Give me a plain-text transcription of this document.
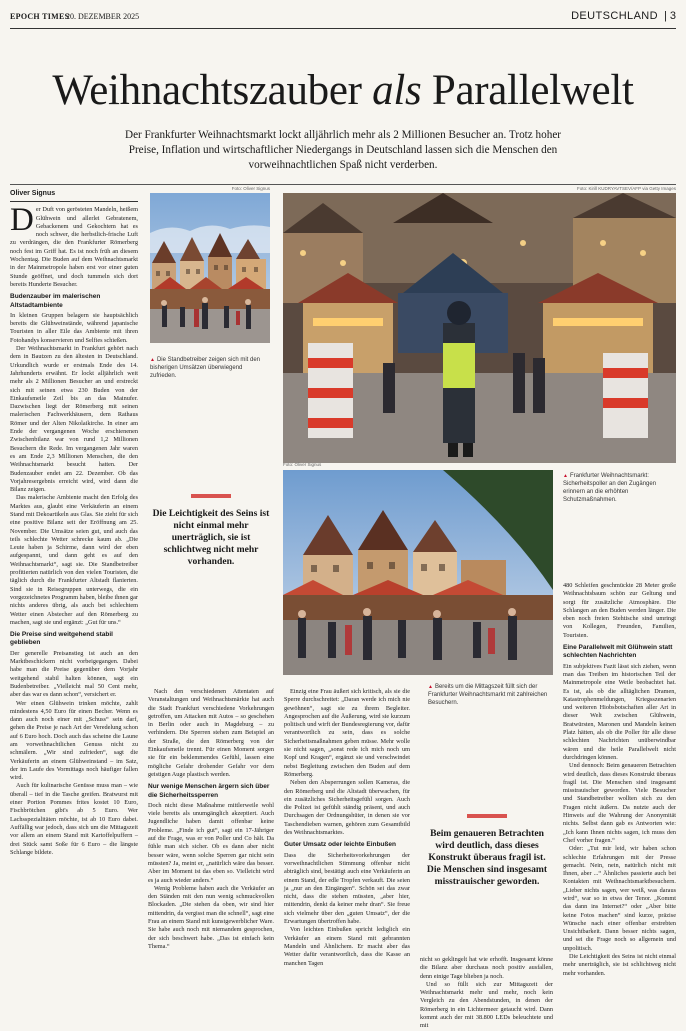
EPOCH TIMES
20. DEZEMBER 2025	DEUTSCHLAND | 3
Weihnachtszauber als Parallelwelt

Der Frankfurter Weihnachtsmarkt lockt alljährlich mehr als 2 Millionen Besucher an. Trotz hoher Preise, Inflation und wirtschaftlicher Niedergangs in Deutschland lassen sich die Menschen den vorweihnachtlichen Spaß nicht verderben.

Oliver Signus

Der Duft von gerösteten Mandeln, heißem Glühwein und allerlei Gebratenem, Gebackenem und Gekochtem hat es noch schwer, die herbstlich-frische Luft zu verdrängen, die den Frankfurter Römerberg noch fest im Griff hat. Es ist noch früh an diesem Wochentag. Die Buden auf dem Weihnachtsmarkt in der Mainmetropole haben erst vor einer guten Stunde geöffnet, und doch tummeln sich dort bereits Hunderte Besucher.

Budenzauber im malerischen Altstadtambiente

In kleinen Gruppen belagern sie hauptsächlich bereits die Glühweinstände, während japanische Touristen in aller Eile das Ambiente mit ihren Fotohandys konservieren und Selfies schießen.

Der Weihnachtsmarkt in Frankfurt gehört nach dem in Bautzen zu den ältesten in Deutschland. Urkundlich wurde er erstmals Ende des 14. Jahrhunderts erwähnt. Er lockt alljährlich weit mehr als 2 Millionen Besucher an und erstreckt sich mit seinen etwa 230 Buden von der Einkaufsmeile Zeil bis an das Mainufer. Dazwischen liegt der Römerberg mit seinen malerischen Fachwerkhäusern, dem Rathaus Römer und der Alten Nikolaikirche. In einer am Ende der vergangenen Woche erschienenen Zwischenbilanz war von rund 1,2 Millionen Besuchern die Rede. Im vergangenen Jahr waren es am Ende 2,3 Millionen Menschen, die den Weihnachtsmarkt besucht hatten. Der Budenzauber endet am 22. Dezember. Ob das Vorjahresergebnis erreicht wird, wird dann die Bilanz zeigen.

Das malerische Ambiente macht den Erfolg des Marktes aus, glaubt eine Verkäuferin an einem Stand mit Dekoartikeln aus Glas. Sie zieht für sich eine positive Bilanz seit der Eröffnung am 25. November. Die Umsätze seien gut, und auch das teils schlechte Wetter schrecke kaum ab. „Die Leute haben ja Schirme, dann wird der eben aufgespannt, und dann geht es auf den Weihnachtsmarkt“, sagt sie. Die Standbetreiber profitierten natürlich von den vielen Touristen, die täglich durch die Frankfurter Altstadt flanierten. Sind sie in Reisegruppen unterwegs, die ein vorgezeichnetes Programm haben, bleibe ihnen gar nichts anderes übrig, als auch bei schlechtem Wetter einen Abstecher auf den Römerberg zu machen, sagt sie und ergänzt: „Gut für uns.“

Die Preise sind weitgehend stabil geblieben

Der generelle Preisanstieg ist auch an den Marktbeschickern nicht vorbeigegangen. Dabei habe man die Preise gegenüber dem Vorjahr weitgehend stabil halten können, sagt ein Budenbetreiber. „Vielleicht mal 50 Cent mehr, aber das war es dann schon“, versichert er.

Wer einen Glühwein trinken möchte, zahlt mindestens 4,50 Euro für einen Becher. Wenn es dann auch noch einer mit „Schuss“ sein darf, gehen die Preise je nach Art der Veredelung schon auf 6 Euro hoch. Doch auch das scheine die Laune am vorweihnachtlichen Genuss nicht zu schmälern. „Wir sind zufrieden“, sagt die Verkäuferin an einem Glühweinstand – im Satz, der im Laufe des Vormittags noch häufiger fallen wird.

Auch für kulinarische Genüsse muss man – wie überall – tief in die Tasche greifen. Bratwurst mit einer Portion Pommes frites kostet 10 Euro, Fischbrötchen gibt's ab 5 Euro. Wer Lachsspezialitäten möchte, ist ab 10 Euro dabei. Auffällig war jedoch, dass sich um die Mittagszeit vor allem an einem Stand mit Kartoffelpuffern – drei Stück samt Soße für 6 Euro – die längste Schlange bildete.

Foto: Oliver Signus
▲ Die Standbetreiber zeigen sich mit den bisherigen Umsätzen überwiegend zufrieden.
Foto: Kirill KUDRYAVTSEV/AFP via Getty Images
▲ Frankfurter Weihnachtsmarkt: Sicherheitspoller an den Zugängen erinnern an die erhöhten Schutzmaßnahmen.
Die Leichtigkeit des Seins ist nicht einmal mehr unerträglich, sie ist schlichtweg nicht mehr vorhanden.
Foto: Oliver Signus
▲ Bereits um die Mittagszeit füllt sich der Frankfurter Weihnachtsmarkt mit zahlreichen Besuchern.

480 Schleifen geschmückte 28 Meter große Weihnachtsbaum schön zur Geltung und sorgt für zusätzliche Atmosphäre. Die Schlangen an den Buden werden länger. Die eben noch freien Stehtische sind umringt von Kollegen, Freunden, Familien, Touristen.

Eine Parallelwelt mit Glühwein statt schlechten Nachrichten

Ein subjektives Fazit lässt sich ziehen, wenn man das Treiben im historischen Teil der Mainmetropole eine Weile beobachtet hat. Es ist, als ob die alltäglichen Dramen, Katastrophenmeldungen, Kriegsszenarien und weiteren Hiobsbotschaften aller Art in dieser Welt zwischen Glühwein, Bratwürsten, Maronen und Mandeln keinen Platz hätten, als ob die Poller für alle diese schlechten Nachrichten unüberwindbar wären und die heile Parallelwelt nicht durchdringen können.

Und dennoch: Beim genaueren Betrachten wird deutlich, dass dieses Konstrukt überaus fragil ist. Die Menschen sind insgesamt misstrauischer geworden. Viele Besucher und Standbetreiber wollten sich zu den Fragen nicht äußern. Da nutzte auch der Hinweis auf die Wahrung der Anonymität nichts. Selbst dann gab es Antworten wie: „Ich kann Ihnen nichts sagen, ich muss den Chef vorher fragen.“

Oder: „Tut mir leid, wir haben schon schlechte Erfahrungen mit der Presse gemacht. Nein, nein, natürlich nicht mit Ihnen, aber ...“ Ähnliches passierte auch bei Kontakten mit Weihnachtsmarktbesuchern. „Lieber nichts sagen, wer weiß, was daraus wird“, war so in etwa der Tenor. „Kommt das dann ins Internet?“ oder „Aber bitte keine Fotos machen“ sind kurze, präzise Wünsche nach einer offenbar erstrebten Unsichtbarkeit. Dann besser nichts sagen, und sei die Frage noch so allgemein und unpolitisch.

Die Leichtigkeit des Seins ist nicht einmal mehr unerträglich, sie ist schlichtweg nicht mehr vorhanden.

Nach den verschiedenen Attentaten auf Veranstaltungen und Weihnachtsmärkte hat auch die Stadt Frankfurt verschiedene Vorkehrungen getroffen, um Attacken mit Autos – so geschehen in Berlin oder auch in Magdeburg – zu verhindern. Die Sperren stehen zum Beispiel an der Straße, die den Römerberg von der Einkaufsmeile trennt. Für einen Moment sorgen sie für ein beklemmendes Gefühl, lassen eine mögliche Gefahr drohender Gefahr vor dem geistigen Auge plastisch werden.

Nur wenige Menschen ärgern sich über die Sicherheitssperren

Doch nicht diese Maßnahme mittlerweile wohl viele bereits als unumgänglich akzeptiert. Auch Jugendliche haben damit offenbar keine Probleme. „Finde ich gut“, sagt ein 17-Jähriger auf die Frage, was er von Poller und Co hält. Da fühle man sich sicher. Ob es dann aber nicht besser wäre, wenn solche Sperren gar nicht sein müssten? Ja, meint er, „natürlich wäre das besser. Aber im Moment ist das eben so. Vielleicht wird es ja auch wieder anders.“

Wenig Probleme haben auch die Verkäufer an den Ständen mit den nun wenig schmuckvollen Blockaden. „Die stehen da oben, wir sind hier mittendrin, da vergisst man die schnell“, sagt eine Frau an einem Stand mit kunstgewerblicher Ware. Sie habe auch noch mit niemandem gesprochen, der sich beschwert habe. „Das ist einfach kein Thema.“

Einzig eine Frau äußert sich kritisch, als sie die Sperre durchschreitet: „Daran werde ich mich nie gewöhnen“, sagt sie zu ihrem Begleiter. Angesprochen auf die Äußerung, wird sie kurzum politisch und wirft der Bundesregierung vor, dafür verantwortlich zu sein, dass es solche Sicherheitsmaßnahmen geben müsse. Mehr wolle sie nicht sagen, „sonst rede ich mich noch um Kopf und Kragen“, ergänzt sie und verschwindet nebst Begleitung zwischen den Buden auf dem Römerberg.

Neben den Absperrungen sollen Kameras, die den Römerberg und die Altstadt überwachen, für ein zusätzliches Sicherheitsgefühl sorgen. Auch die Polizei ist gefühlt ständig präsent, und auch Durchsagen der Ordnungshüter, in denen sie vor Taschendieben warnen, gehören zum Gesamtbild des Weihnachtsmarktes.

Guter Umsatz oder leichte Einbußen

Dass die Sicherheitsvorkehrungen der vorweihnachtlichen Stimmung offenbar nicht abträglich sind, bestätigt auch eine Verkäuferin an einem Stand, der edle Tropfen verkauft. Die seien ja „nur an den Eingängen“. Schön sei das zwar nicht, dass die stehen müssten, „aber hier, mittendrin, denkt da keiner mehr dran“. Sie freue sich vielmehr über den „guten Umsatz“, der die Erwartungen übertroffen habe.

Von leichten Einbußen spricht lediglich ein Verkäufer an einem Stand mit gebrannten Mandeln und Ähnlichem. Er macht aber das Wetter dafür verantwortlich, dass die Kasse an manchen Tagen

Beim genaueren Betrachten wird deutlich, dass dieses Konstrukt überaus fragil ist. Die Menschen sind insgesamt misstrauischer geworden.

nicht so geklingelt hat wie erhofft. Insgesamt könne die Bilanz aber durchaus noch positiv ausfallen, denn einige Tage blieben ja noch.

Und so füllt sich zur Mittagszeit der Weihnachtsmarkt mehr und mehr, noch kein Vergleich zu den Abendstunden, in denen der Römerberg in ein Lichtermeer getaucht wird. Dann kommt auch der mit 38.800 LEDs beleuchtete und mit
